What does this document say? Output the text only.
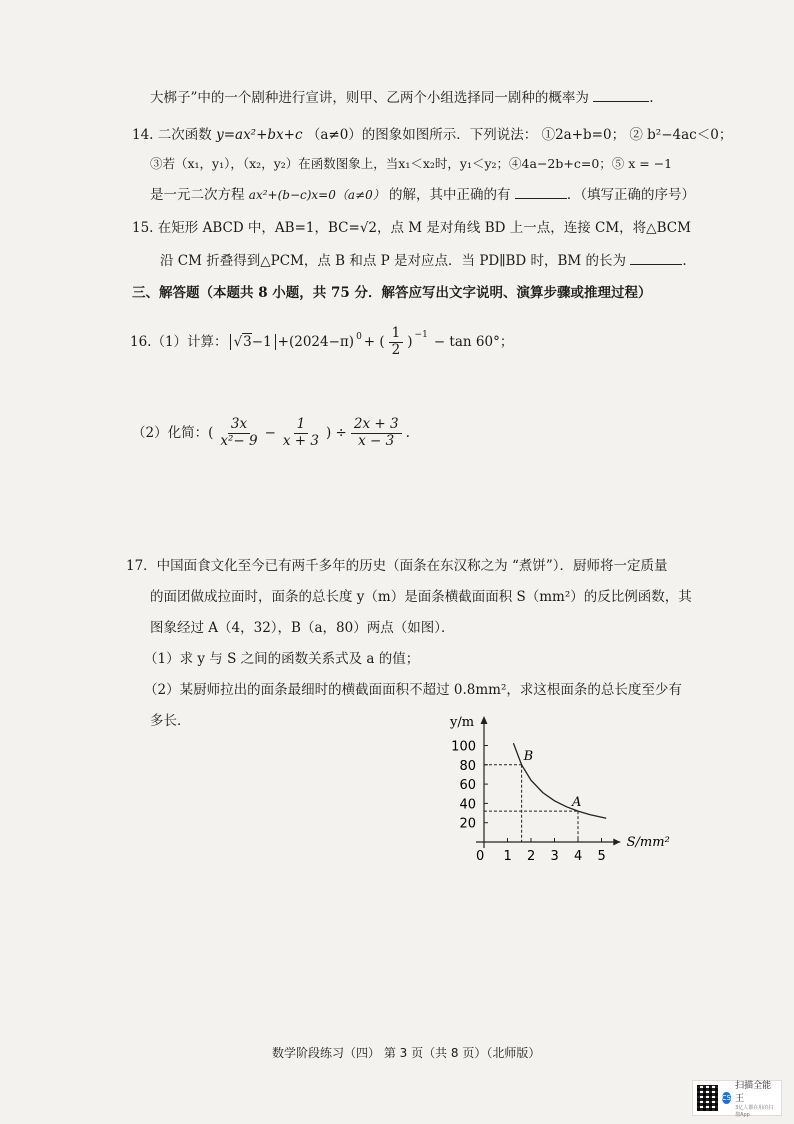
大梆子”中的一个剧种进行宣讲，则甲、乙两个小组选择同一剧种的概率为	.
14. 二次函数 y=ax²+bx+c （a≠0）的图象如图所示．下列说法： ①2a+b=0； ② b²−4ac＜0；
③若（x₁，y₁），（x₂，y₂）在函数图象上，当x₁＜x₂时，y₁＜y₂；④4a−2b+c=0；⑤ x = −1
是一元二次方程 ax²+(b−c)x=0（a≠0） 的解，其中正确的有	．（填写正确的序号）
15. 在矩形 ABCD 中，AB=1，BC=√2，点 M 是对角线 BD 上一点，连接 CM，将△BCM
沿 CM 折叠得到△PCM，点 B 和点 P 是对应点．当 PD∥BD 时，BM 的长为	.
三、解答题（本题共 8 小题，共 75 分．解答应写出文字说明、演算步骤或推理过程）
16.（1）计算： $√3-1 +(2024-\pi)^0$ + ( $\frac{1}{2} )^{-1} - \tan 60^\circ$；
（2）化简：( $\frac{3x}{\text{x²− 9}} - \frac{1}{x + 3}$ ) ÷ $\frac{2x + 3}{x - 3}$ .
17．中国面食文化至今已有两千多年的历史（面条在东汉称之为 “煮饼”）．厨师将一定质量
的面团做成拉面时，面条的总长度 y（m）是面条横截面面积 S（mm²）的反比例函数，其
图象经过 A（4，32），B（a，80）两点（如图）．
（1）求 y 与 S 之间的函数关系式及 a 的值；
（2）某厨师拉出的面条最细时的横截面面积不超过 0.8mm²，求这根面条的总长度至少有
多长．	y/m
S/mm²
0 1 2 3 4 5
20
40
60
80
100
B
A
数学阶段练习（四） 第 3 页（共 8 页）（北师版）
CS
扫描全能王
3亿人都在用的扫描App
